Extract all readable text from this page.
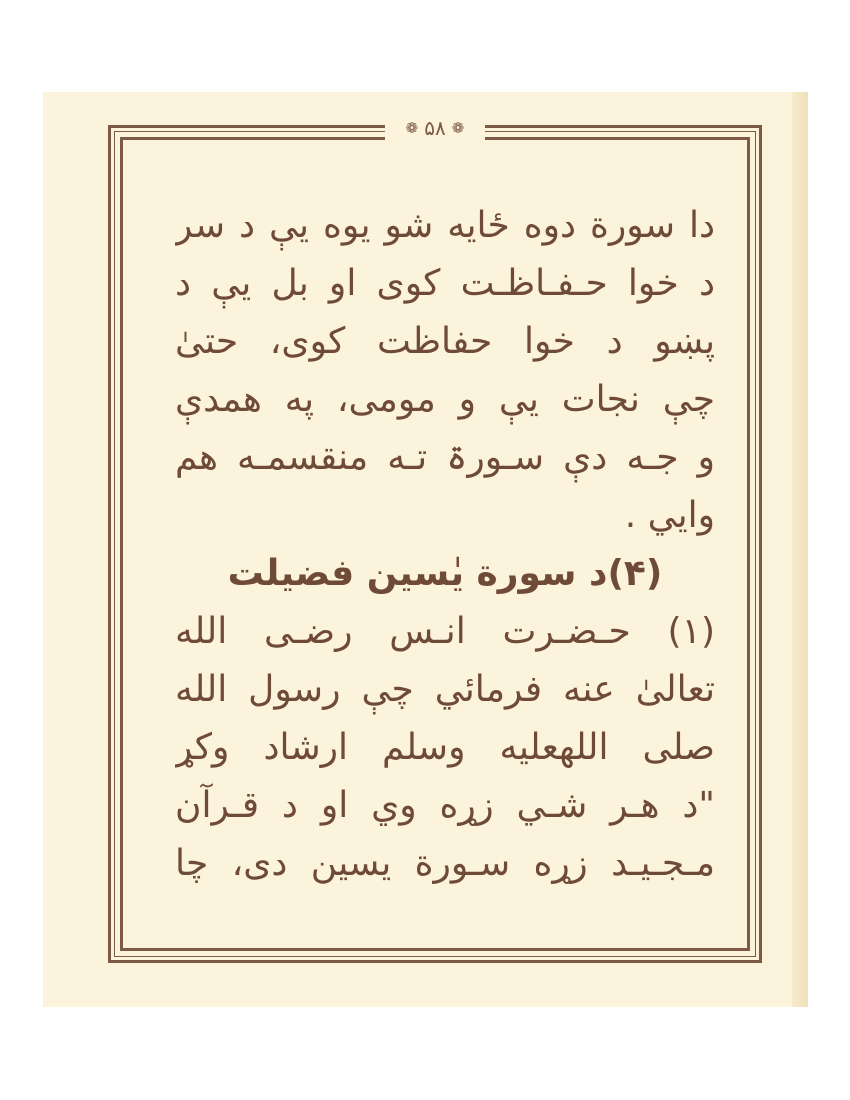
❁ ۵۸ ❁
دا سورة دوه ځایه شو یوه یې د سر
د خوا حـفـاظـت کوی او بل یې د
پښو د خوا حفاظت کوی، حتیٰ
چې نجات یې و مومی، په همدې
و جـه دې سـورۃ تـه منقسمـه هم
وایي .
(۴)د سورة یٰسین فضیلت
(۱) حـضـرت انـس رضـی الله
تعالیٰ عنه فرمائي چې رسول الله
صلی اللهعلیه وسلم ارشاد وکړ
"د هـر شـي زړه وي او د قـرآن
مـجـیـد زړه سـورة یسین دی، چا
